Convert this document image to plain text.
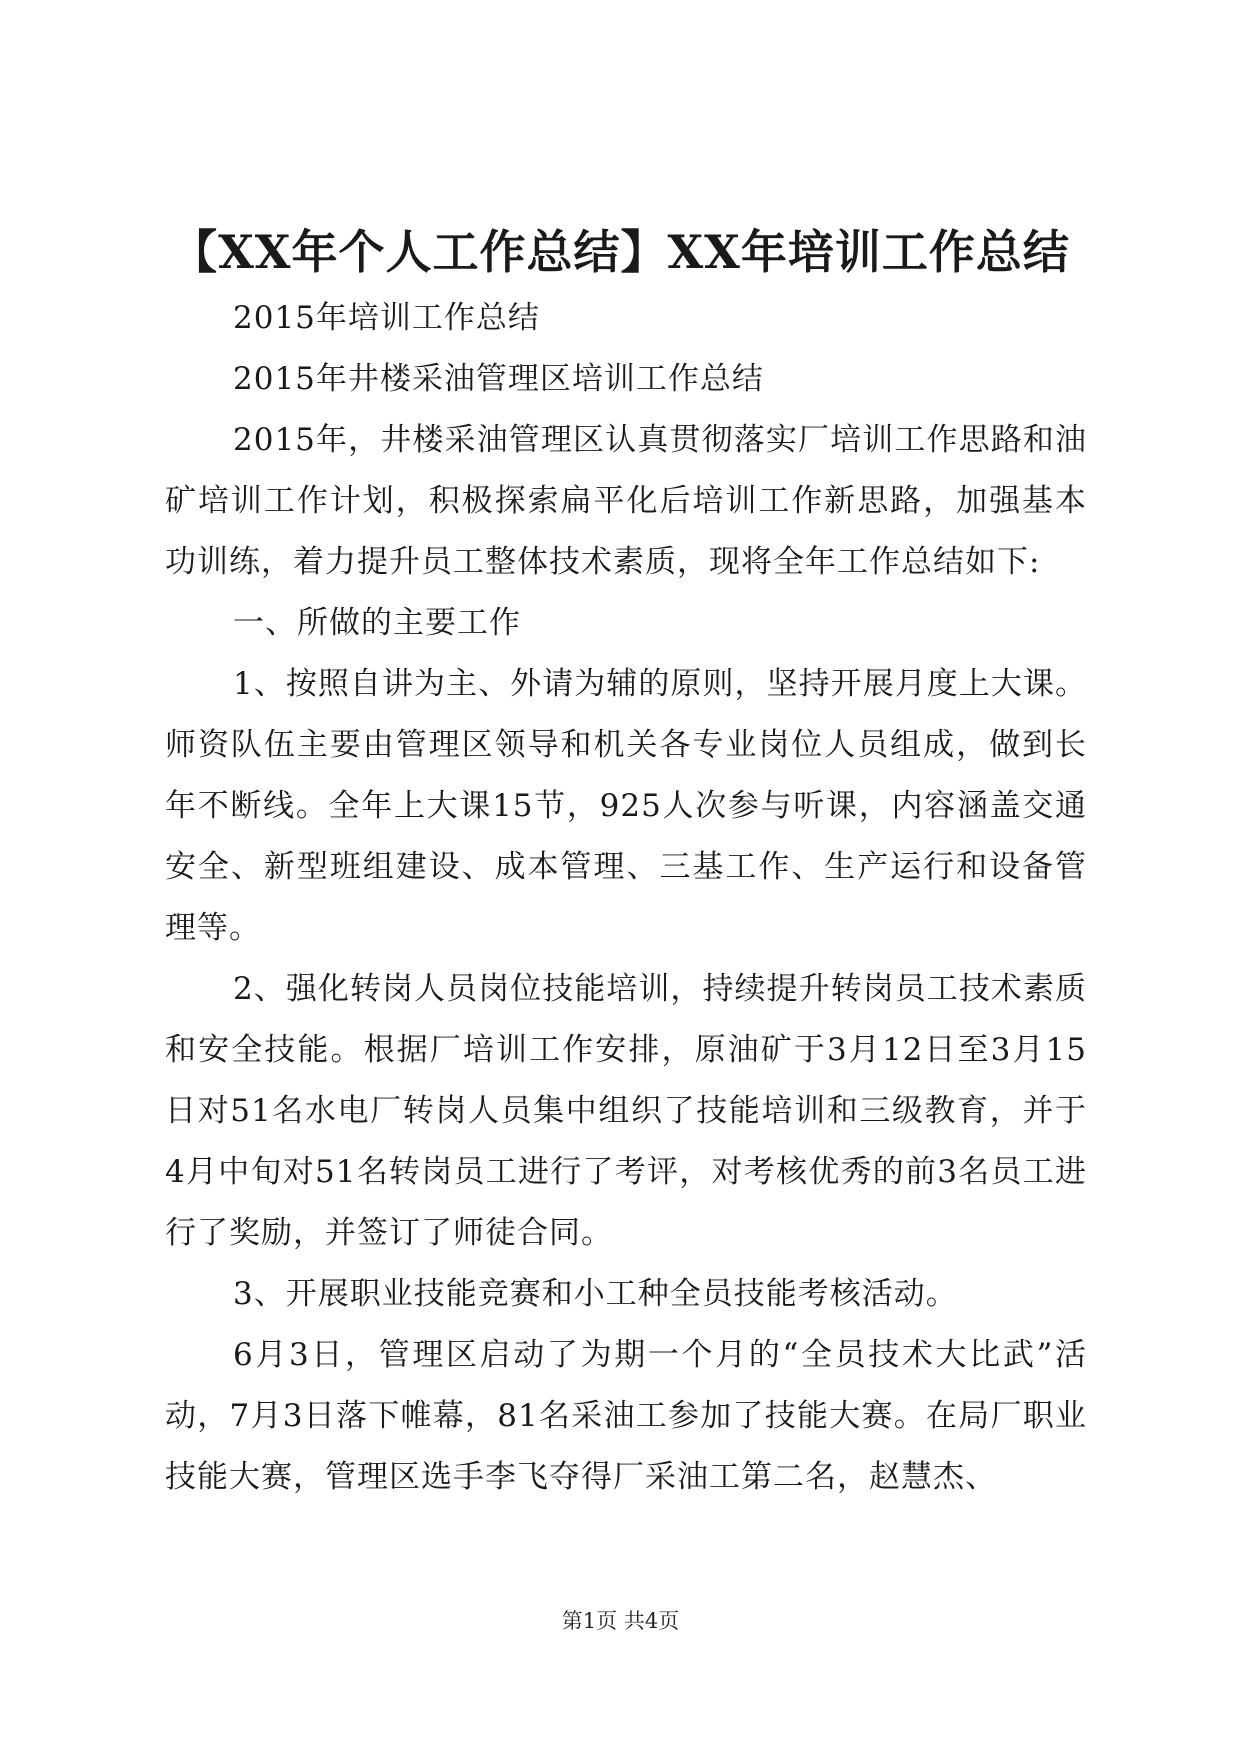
【XX年个人工作总结】XX年培训工作总结

2015年培训工作总结

2015年井楼采油管理区培训工作总结

2015年，井楼采油管理区认真贯彻落实厂培训工作思路和油矿培训工作计划，积极探索扁平化后培训工作新思路，加强基本功训练，着力提升员工整体技术素质，现将全年工作总结如下:

一、所做的主要工作

1、按照自讲为主、外请为辅的原则，坚持开展月度上大课。师资队伍主要由管理区领导和机关各专业岗位人员组成，做到长年不断线。全年上大课15节，925人次参与听课，内容涵盖交通安全、新型班组建设、成本管理、三基工作、生产运行和设备管理等。

2、强化转岗人员岗位技能培训，持续提升转岗员工技术素质和安全技能。根据厂培训工作安排，原油矿于3月12日至3月15日对51名水电厂转岗人员集中组织了技能培训和三级教育，并于4月中旬对51名转岗员工进行了考评，对考核优秀的前3名员工进行了奖励，并签订了师徒合同。

3、开展职业技能竞赛和小工种全员技能考核活动。

6月3日，管理区启动了为期一个月的“全员技术大比武”活动，7月3日落下帷幕，81名采油工参加了技能大赛。在局厂职业技能大赛，管理区选手李飞夺得厂采油工第二名，赵慧杰、

第1页 共4页
